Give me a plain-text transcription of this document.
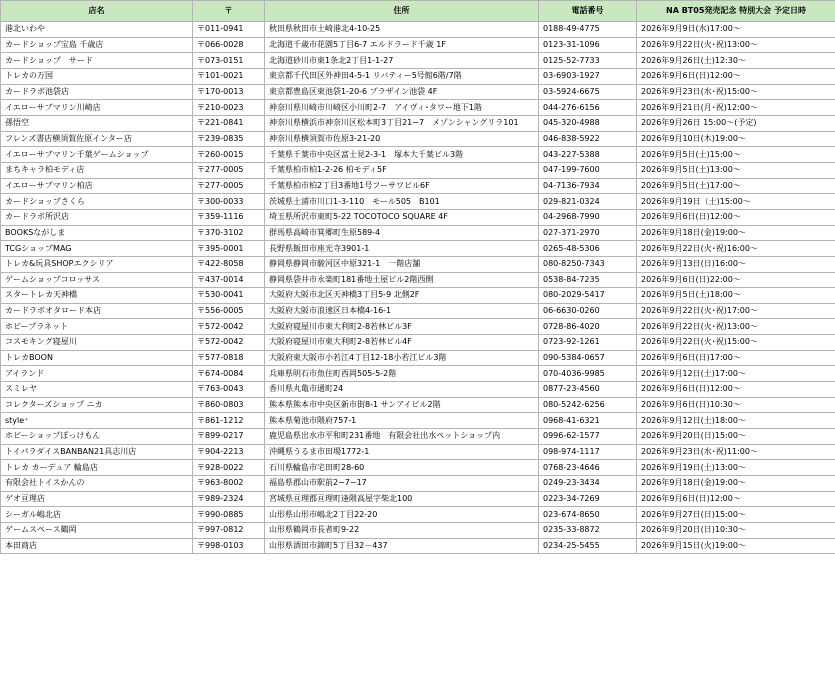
店名	〒	住所	電話番号	NA BT05発売記念 特別大会 予定日時
港北いわや	〒011-0941	秋田県秋田市土崎港北4-10-25	0188-49-4775	2026年9月9日(水)17:00～
カードショップ宝島 千歳店	〒066-0028	北海道千歳市花園5丁目6-7 エルドラード千歳 1F	0123-31-1096	2026年9月22日(火･祝)13:00～
カードショップ　サード	〒073-0151	北海道砂川市東1条北2丁目1-1-27	0125-52-7733	2026年9月26日(土)12:30～
トレカの万国	〒101-0021	東京都千代田区外神田4-5-1 リバティー5号館6階/7階	03-6903-1927	2026年9月6日(日)12:00～
カードラボ池袋店	〒170-0013	東京都豊島区東池袋1-20-6 プラザイン池袋 4F	03-5924-6675	2026年9月23日(水･祝)15:00～
イエローサブマリン川崎店	〒210-0023	神奈川県川崎市川崎区小川町2-7　アイヴィ･タワー地下1階	044-276-6156	2026年9月21日(月･祝)12:00～
孫悟空	〒221-0841	神奈川県横浜市神奈川区松本町3丁目21−7　メゾンシャングリラ101	045-320-4988	2026年9月26日 15:00～(予定)
フレンズ書店横須賀佐原インター店	〒239-0835	神奈川県横須賀市佐原3-21-20	046-838-5922	2026年9月10日(木)19:00～
イエローサブマリン千葉ゲームショップ	〒260-0015	千葉県千葉市中央区富士見2-3-1　塚本大千葉ビル3階	043-227-5388	2026年9月5日(土)15:00～
まちキャラ柏モディ店	〒277-0005	千葉県柏市柏1-2-26 柏モディ5F	047-199-7600	2026年9月5日(土)13:00～
イエローサブマリン柏店	〒277-0005	千葉県柏市柏2丁目3番地1号フーサワビル6F	04-7136-7934	2026年9月5日(土)17:00～
カードショップさくら	〒300-0033	茨城県土浦市川口1-3-110　モール505　B101	029-821-0324	2026年9月19日（土)15:00～
カードラボ所沢店	〒359-1116	埼玉県所沢市東町5-22 TOCOTOCO SQUARE 4F	04-2968-7990	2026年9月6日(日)12:00～
BOOKSながしま	〒370-3102	群馬県高崎市箕郷町生原589-4	027-371-2970	2026年9月18日(金)19:00～
TCGショップMAG	〒395-0001	長野県飯田市座光寺3901-1	0265-48-5306	2026年9月22日(火･祝)16:00～
トレカ&玩具SHOPエクシリア	〒422-8058	静岡県静岡市駿河区中原321-1　一階店舗	080-8250-7343	2026年9月13日(日)16:00～
ゲームショップコロッサス	〒437-0014	静岡県袋井市永楽町181番地土屋ビル2階西側	0538-84-7235	2026年9月6日(日)22:00～
スタートレカ天神橋	〒530-0041	大阪府大阪市北区天神橋3丁目5-9 北側2F	080-2029-5417	2026年9月5日(土)18:00～
カードラボオタロード本店	〒556-0005	大阪府大阪市浪速区日本橋4-16-1	06-6630-0260	2026年9月22日(火･祝)17:00～
ホビープラネット	〒572-0042	大阪府寝屋川市東大利町2-8若林ビル3F	0728-86-4020	2026年9月22日(火･祝)13:00～
コスモキング寝屋川	〒572-0042	大阪府寝屋川市東大利町2-8若林ビル4F	0723-92-1261	2026年9月22日(火･祝)15:00～
トレカBOON	〒577-0818	大阪府東大阪市小若江4丁目12-18小若江ビル3階	090-5384-0657	2026年9月6日(日)17:00～
アイランド	〒674-0084	兵庫県明石市魚住町西岡505-5-2階	070-4036-9985	2026年9月12日(土)17:00～
スミレヤ	〒763-0043	香川県丸亀市通町24	0877-23-4560	2026年9月6日(日)12:00～
コレクターズショップ ニカ	〒860-0803	熊本県熊本市中央区新市街8-1 サンアイビル2階	080-5242-6256	2026年9月6日(日)10:30～
style⁺	〒861-1212	熊本県菊池市隈府757-1	0968-41-6321	2026年9月12日(土)18:00～
ホビーショップぼっけもん	〒899-0217	鹿児島県出水市平和町231番地　有限会社出水ペットショップ内	0996-62-1577	2026年9月20日(日)15:00～
トイパラダイスBANBAN21具志川店	〒904-2213	沖縄県うるま市田場1772-1	098-974-1117	2026年9月23日(水･祝)11:00～
トレカ カーデュア 輪島店	〒928-0022	石川県輪島市宅田町28-60	0768-23-4646	2026年9月19日(土)13:00～
有限会社トイスかんの	〒963-8002	福島県郡山市駅前2−7−17	0249-23-3434	2026年9月18日(金)19:00～
ゲオ亘理店	〒989-2324	宮城県亘理郡亘理町逢隈高屋字柴北100	0223-34-7269	2026年9月6日(日)12:00～
シーガル嶋北店	〒990-0885	山形県山形市嶋北2丁目22-20	023-674-8650	2026年9月27日(日)15:00～
ゲームスペース鶴岡	〒997-0812	山形県鶴岡市長者町9-22	0235-33-8872	2026年9月20日(日)10:30～
本田商店	〒998-0103	山形県酒田市錦町5丁目32－437	0234-25-5455	2026年9月15日(火)19:00～
